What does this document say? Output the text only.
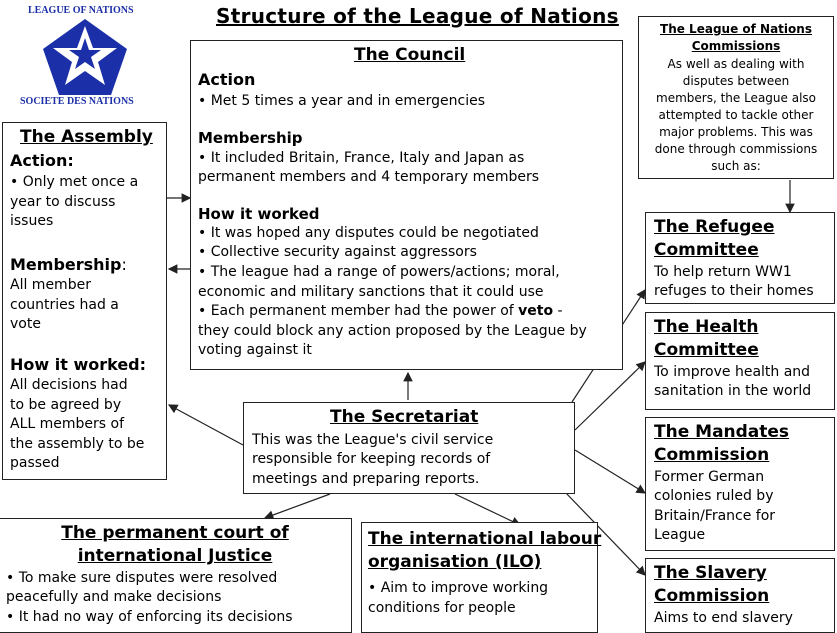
LEAGUE OF NATIONS
SOCIETE DES NATIONS
Structure of the League of Nations
The Council
Action
• Met 5 times a year and in emergencies
Membership
• It included Britain, France, Italy and Japan as
permanent members and 4 temporary members
How it worked
• It was hoped any disputes could be negotiated
• Collective security against aggressors
• The league had a range of powers/actions; moral,
economic and military sanctions that it could use
• Each permanent member had the power of veto -
they could block any action proposed by the League by
voting against it
The Assembly
Action:
• Only met once a
year to discuss
issues
Membership:
All member
countries had a
vote
How it worked:
All decisions had
to be agreed by
ALL members of
the assembly to be
passed
The League of Nations
Commissions
As well as dealing with
disputes between
members, the League also
attempted to tackle other
major problems. This was
done through commissions
such as:
The Refugee
Committee
To help return WW1
refuges to their homes
The Health
Committee
To improve health and
sanitation in the world
The Mandates
Commission
Former German
colonies ruled by
Britain/France for
League
The Slavery
Commission
Aims to end slavery
The Secretariat
This was the League's civil service
responsible for keeping records of
meetings and preparing reports.
The permanent court of
international Justice
• To make sure disputes were resolved
peacefully and make decisions
• It had no way of enforcing its decisions
The international labour
organisation (ILO)
• Aim to improve working
conditions for people
